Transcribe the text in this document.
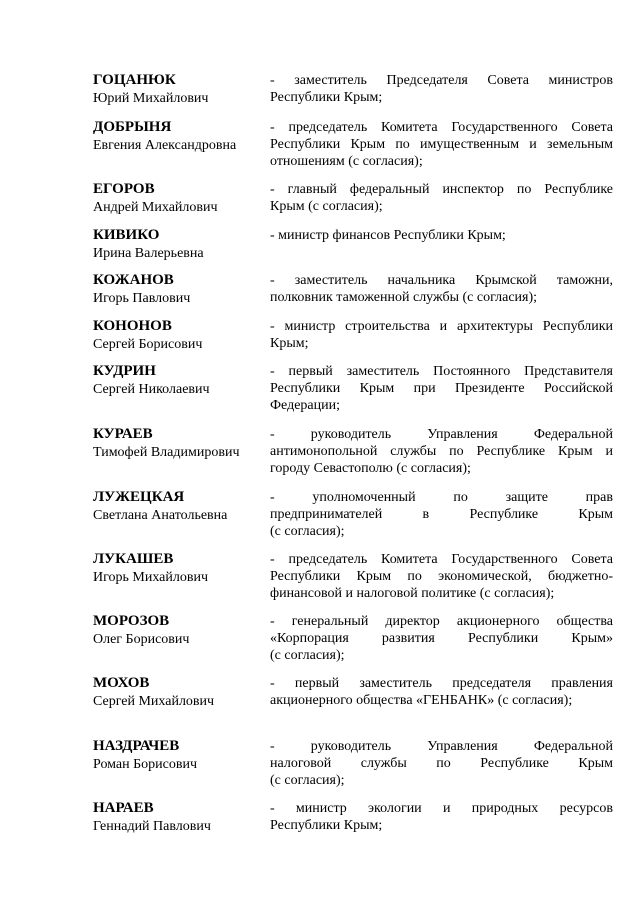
ГОЦАНЮК
Юрий Михайлович
- заместитель Председателя Совета министров
Республики Крым;
ДОБРЫНЯ
Евгения Александровна
- председатель Комитета Государственного Совета
Республики Крым по имущественным и земельным
отношениям (с согласия);
ЕГОРОВ
Андрей Михайлович
- главный федеральный инспектор по Республике
Крым (с согласия);
КИВИКО
Ирина Валерьевна
- министр финансов Республики Крым;
КОЖАНОВ
Игорь Павлович
- заместитель начальника Крымской таможни,
полковник таможенной службы (с согласия);
КОНОНОВ
Сергей Борисович
- министр строительства и архитектуры Республики
Крым;
КУДРИН
Сергей Николаевич
- первый заместитель Постоянного Представителя
Республики Крым при Президенте Российской
Федерации;
КУРАЕВ
Тимофей Владимирович
- руководитель Управления Федеральной
антимонопольной службы по Республике Крым и
городу Севастополю (с согласия);
ЛУЖЕЦКАЯ
Светлана Анатольевна
- уполномоченный по защите прав
предпринимателей в Республике Крым
(с согласия);
ЛУКАШЕВ
Игорь Михайлович
- председатель Комитета Государственного Совета
Республики Крым по экономической, бюджетно-
финансовой и налоговой политике (с согласия);
МОРОЗОВ
Олег Борисович
- генеральный директор акционерного общества
«Корпорация развития Республики Крым»
(с согласия);
МОХОВ
Сергей Михайлович
- первый заместитель председателя правления
акционерного общества «ГЕНБАНК» (с согласия);
НАЗДРАЧЕВ
Роман Борисович
- руководитель Управления Федеральной
налоговой службы по Республике Крым
(с согласия);
НАРАЕВ
Геннадий Павлович
- министр экологии и природных ресурсов
Республики Крым;
